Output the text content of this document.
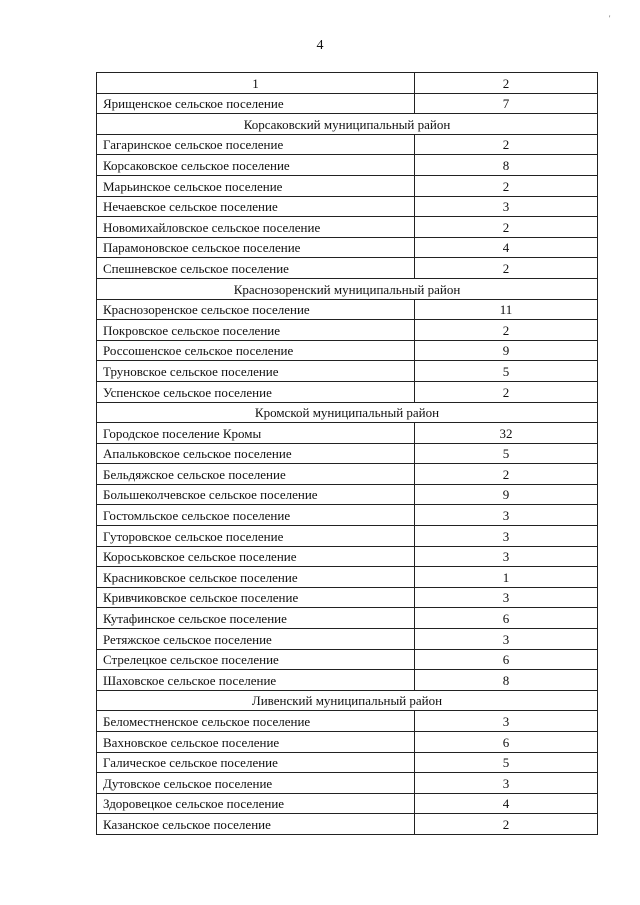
'
4
1	2
Ярищенское сельское поселение	7
Корсаковский муниципальный район	
Гагаринское сельское поселение	2
Корсаковское сельское поселение	8
Марьинское сельское поселение	2
Нечаевское сельское поселение	3
Новомихайловское сельское поселение	2
Парамоновское сельское поселение	4
Спешневское сельское поселение	2
Краснозоренский муниципальный район	
Краснозоренское сельское поселение	11
Покровское сельское поселение	2
Россошенское сельское поселение	9
Труновское сельское поселение	5
Успенское сельское поселение	2
Кромской муниципальный район	
Городское поселение Кромы	32
Апальковское сельское поселение	5
Бельдяжское сельское поселение	2
Большеколчевское сельское поселение	9
Гостомльское сельское поселение	3
Гуторовское сельское поселение	3
Короськовское сельское поселение	3
Красниковское сельское поселение	1
Кривчиковское сельское поселение	3
Кутафинское сельское поселение	6
Ретяжское сельское поселение	3
Стрелецкое сельское поселение	6
Шаховское сельское поселение	8
Ливенский муниципальный район	
Беломестненское сельское поселение	3
Вахновское сельское поселение	6
Галическое сельское поселение	5
Дутовское сельское поселение	3
Здоровецкое сельское поселение	4
Казанское сельское поселение	2
